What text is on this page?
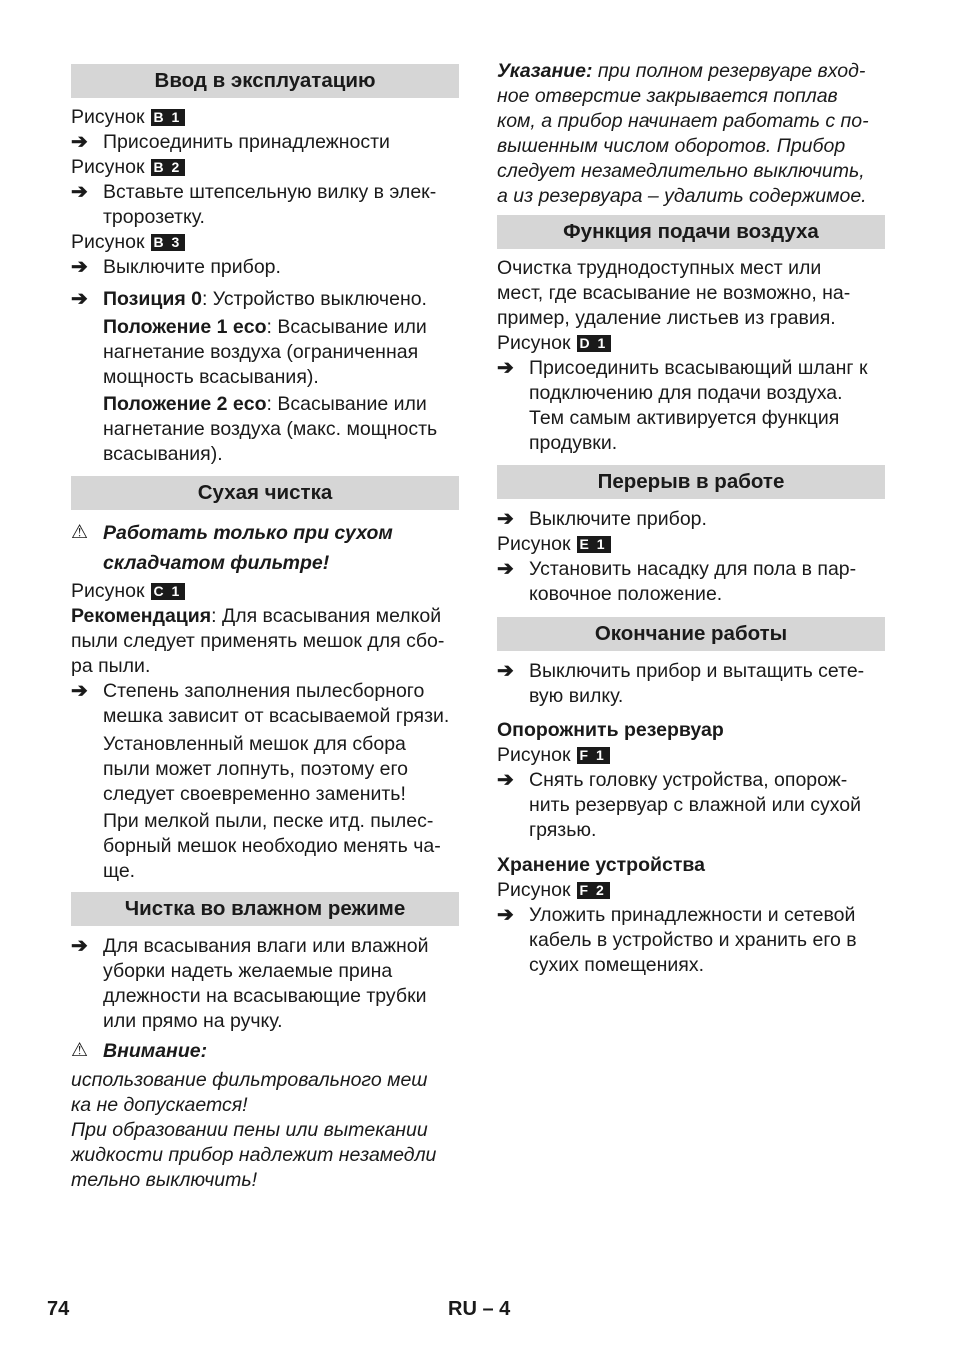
Ввод в эксплуатацию
Рисунок B 1
➔ Присоединить принадлежности
Рисунок B 2
➔ Вставьте штепсельную вилку в элек-
тророзетку.
Рисунок B 3
➔ Выключите прибор.
➔ Позиция 0: Устройство выключено.
Положение 1 eco: Всасывание или
нагнетание воздуха (ограниченная
мощность всасывания).
Положение 2 eco: Всасывание или
нагнетание воздуха (макс. мощность
всасывания).
Сухая чистка
⚠ Работать только при сухом
складчатом фильтре!
Рисунок C 1
Рекомендация: Для всасывания мелкой
пыли следует применять мешок для сбо-
ра пыли.
➔ Степень заполнения пылесборного
мешка зависит от всасываемой грязи.
Установленный мешок для сбора
пыли может лопнуть, поэтому его
следует своевременно заменить!
При мелкой пыли, песке итд. пылес-
борный мешок необходио менять ча-
ще.
Чистка во влажном режиме
➔ Для всасывания влаги или влажной
уборки надеть желаемые прина
длежности на всасывающие трубки
или прямо на ручку.
⚠ Внимание:
использование фильтровального меш
ка не допускается!
При образовании пены или вытекании
жидкости прибор надлежит незамедли
тельно выключить!
Указание: при полном резервуаре вход-
ное отверстие закрывается поплав
ком, а прибор начинает работать с по-
вышенным числом оборотов. Прибор
следует незамедлительно выключить,
а из резервуара – удалить содержимое.
Функция подачи воздуха
Очистка труднодоступных мест или
мест, где всасывание не возможно, на-
пример, удаление листьев из гравия.
Рисунок D 1
➔ Присоединить всасывающий шланг к
подключению для подачи воздуха.
Тем самым активируется функция
продувки.
Перерыв в работе
➔ Выключите прибор.
Рисунок E 1
➔ Установить насадку для пола в пар-
ковочное положение.
Окончание работы
➔ Выключить прибор и вытащить сете-
вую вилку.
Опорожнить резервуар
Рисунок F 1
➔ Снять головку устройства, опорож-
нить резервуар с влажной или сухой
грязью.
Хранение устройства
Рисунок F 2
➔ Уложить принадлежности и сетевой
кабель в устройство и хранить его в
сухих помещениях.
74	RU – 4
